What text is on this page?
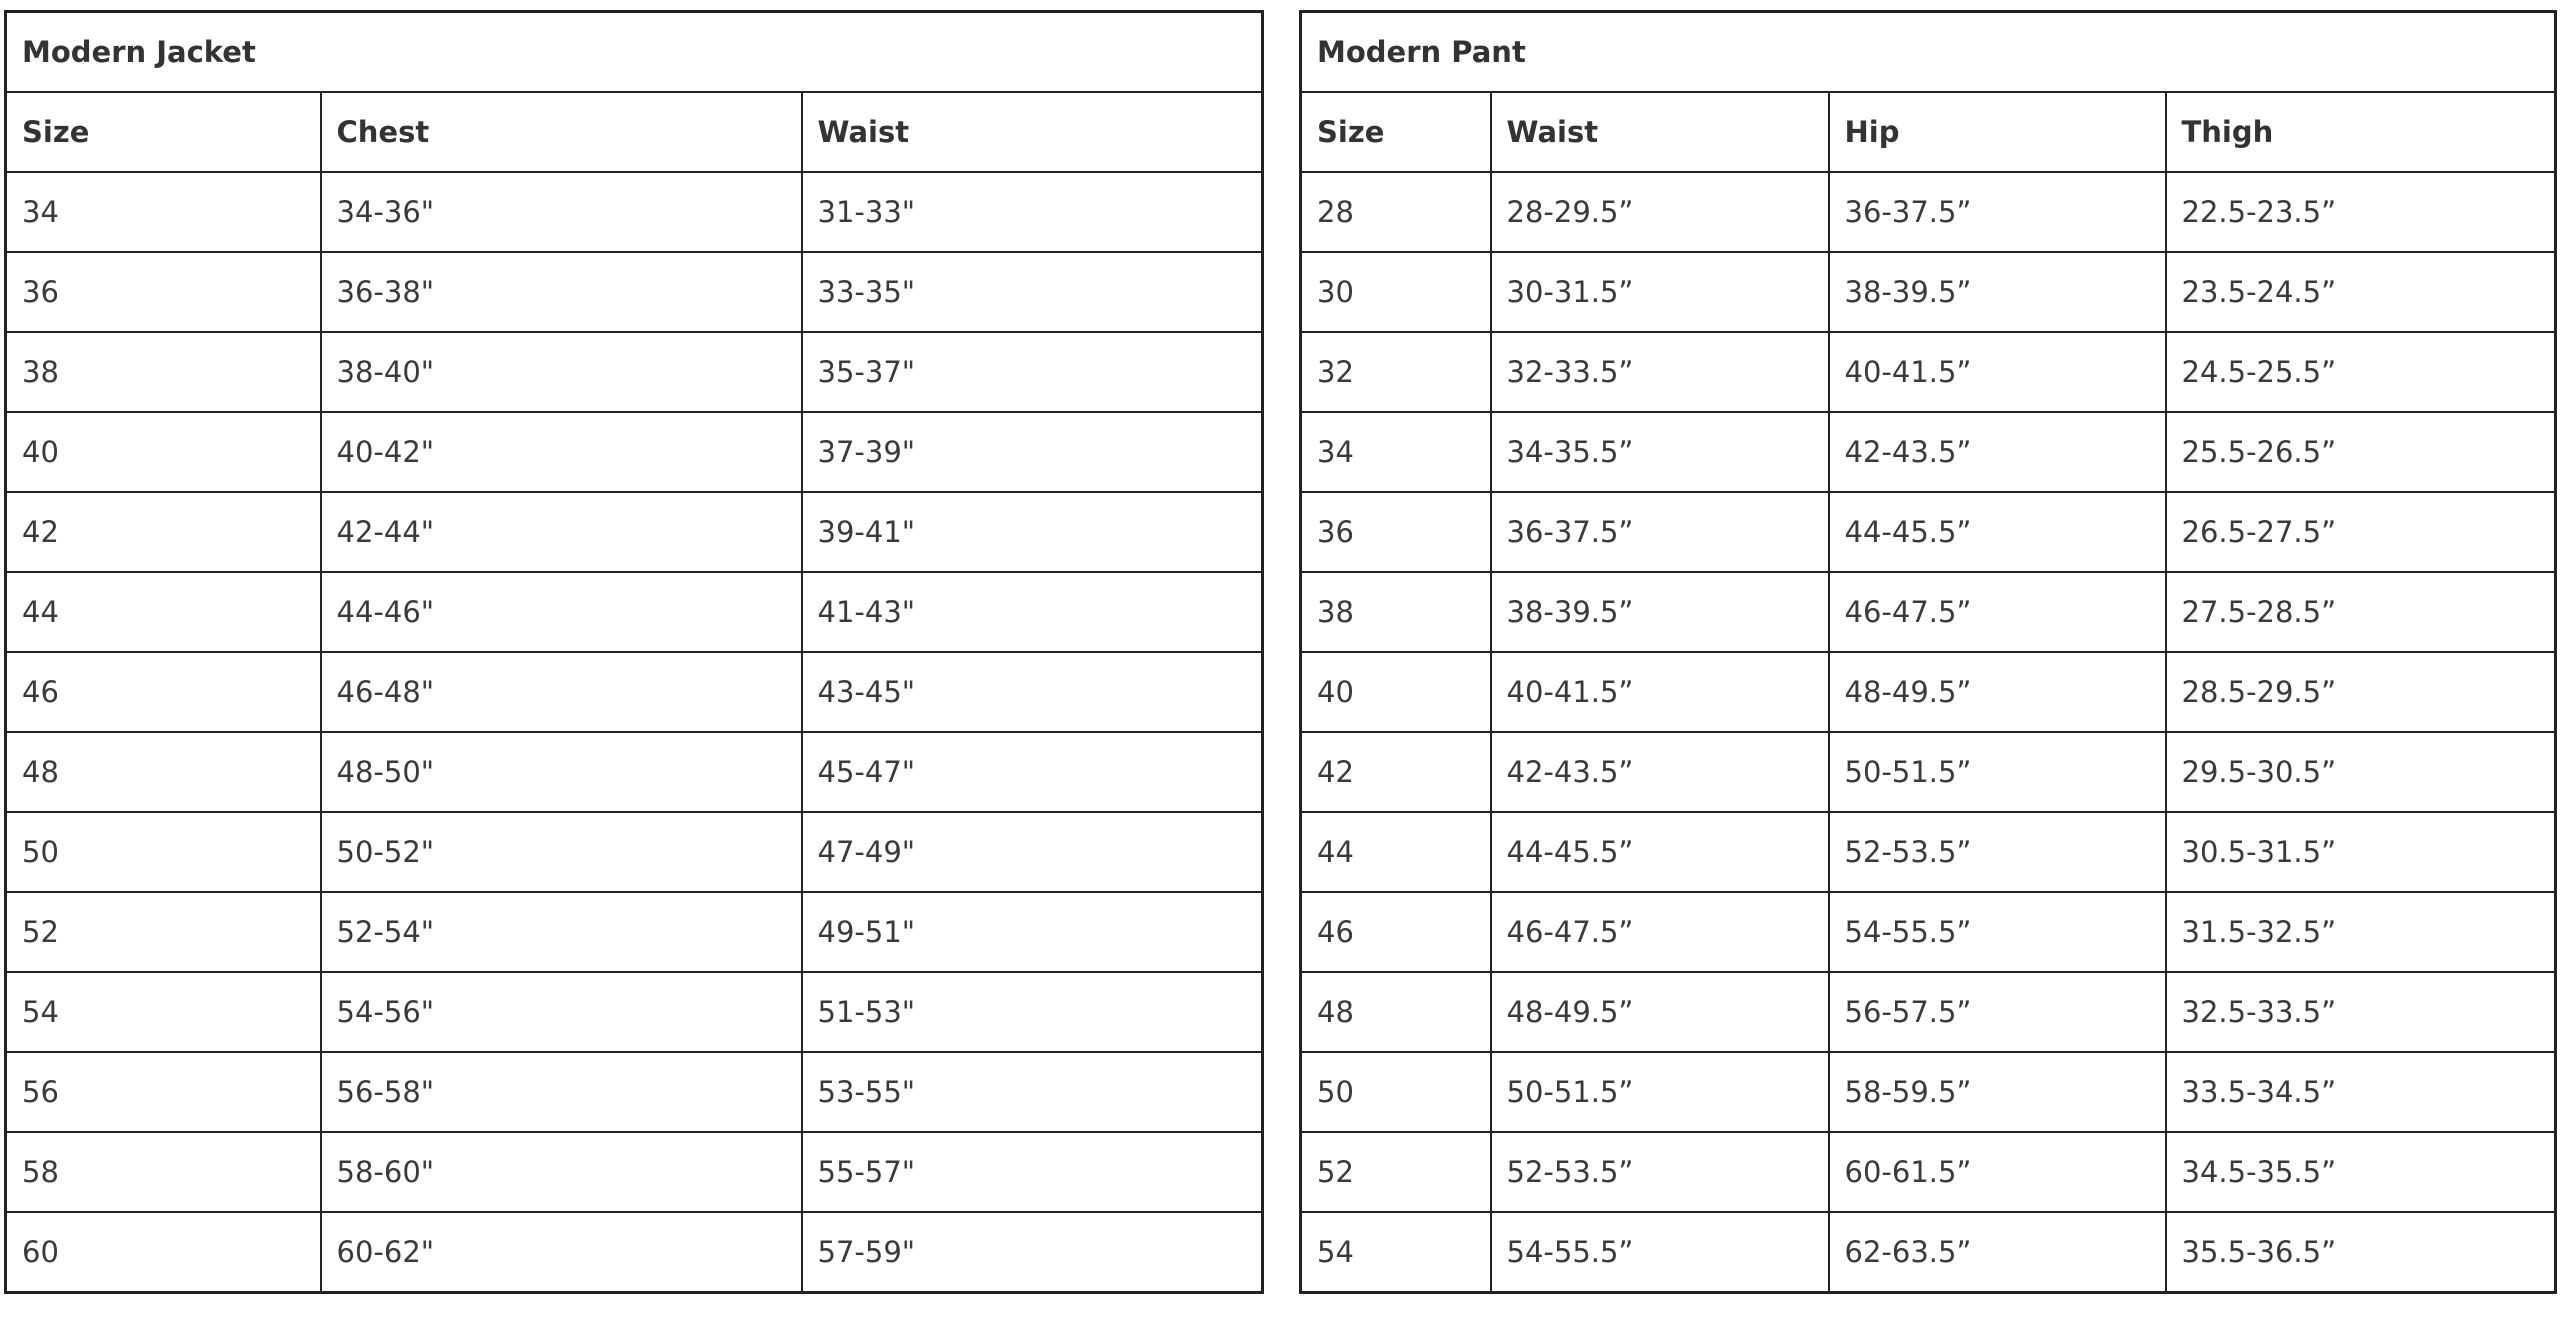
Modern Jacket		
Size	Chest	Waist
34	34-36"	31-33"
36	36-38"	33-35"
38	38-40"	35-37"
40	40-42"	37-39"
42	42-44"	39-41"
44	44-46"	41-43"
46	46-48"	43-45"
48	48-50"	45-47"
50	50-52"	47-49"
52	52-54"	49-51"
54	54-56"	51-53"
56	56-58"	53-55"
58	58-60"	55-57"
60	60-62"	57-59"
Modern Pant			
Size	Waist	Hip	Thigh
28	28-29.5”	36-37.5”	22.5-23.5”
30	30-31.5”	38-39.5”	23.5-24.5”
32	32-33.5”	40-41.5”	24.5-25.5”
34	34-35.5”	42-43.5”	25.5-26.5”
36	36-37.5”	44-45.5”	26.5-27.5”
38	38-39.5”	46-47.5”	27.5-28.5”
40	40-41.5”	48-49.5”	28.5-29.5”
42	42-43.5”	50-51.5”	29.5-30.5”
44	44-45.5”	52-53.5”	30.5-31.5”
46	46-47.5”	54-55.5”	31.5-32.5”
48	48-49.5”	56-57.5”	32.5-33.5”
50	50-51.5”	58-59.5”	33.5-34.5”
52	52-53.5”	60-61.5”	34.5-35.5”
54	54-55.5”	62-63.5”	35.5-36.5”
